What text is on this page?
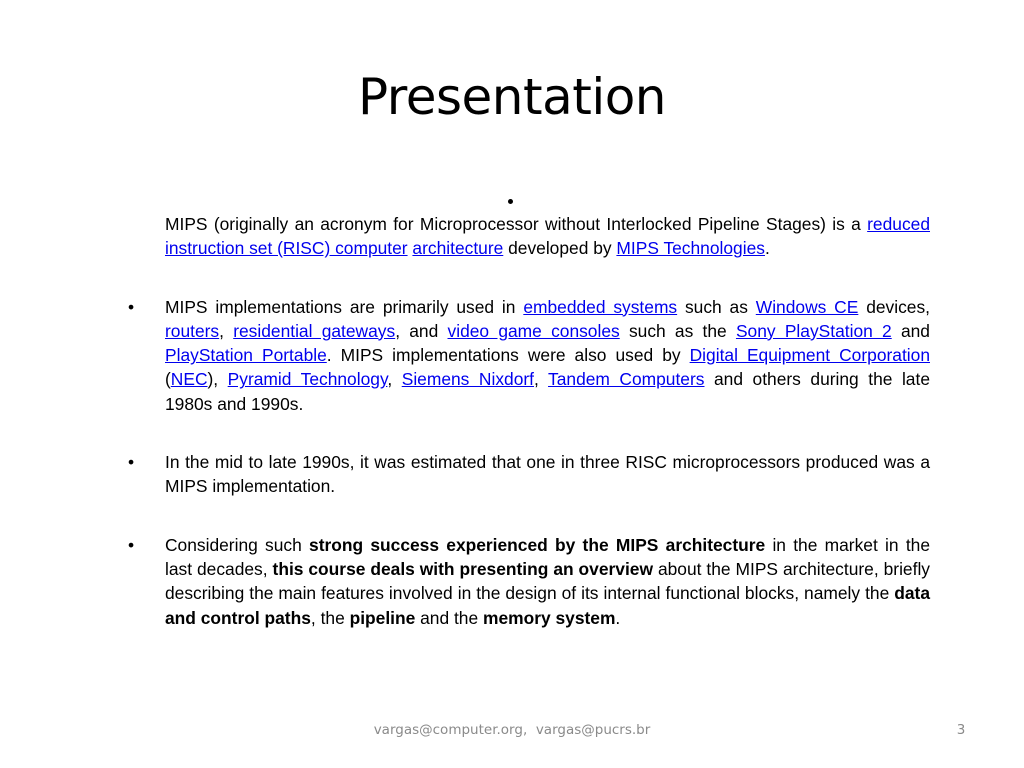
Presentation

MIPS (originally an acronym for Microprocessor without Interlocked Pipeline Stages) is a reduced instruction set (RISC) computer architecture developed by MIPS Technologies.

• MIPS implementations are primarily used in embedded systems such as Windows CE devices, routers, residential gateways, and video game consoles such as the Sony PlayStation 2 and PlayStation Portable. MIPS implementations were also used by Digital Equipment Corporation (NEC), Pyramid Technology, Siemens Nixdorf, Tandem Computers and others during the late 1980s and 1990s.

• In the mid to late 1990s, it was estimated that one in three RISC microprocessors produced was a MIPS implementation.

• Considering such strong success experienced by the MIPS architecture in the market in the last decades, this course deals with presenting an overview about the MIPS architecture, briefly describing the main features involved in the design of its internal functional blocks, namely the data and control paths, the pipeline and the memory system.

vargas@computer.org,  vargas@pucrs.br	3
